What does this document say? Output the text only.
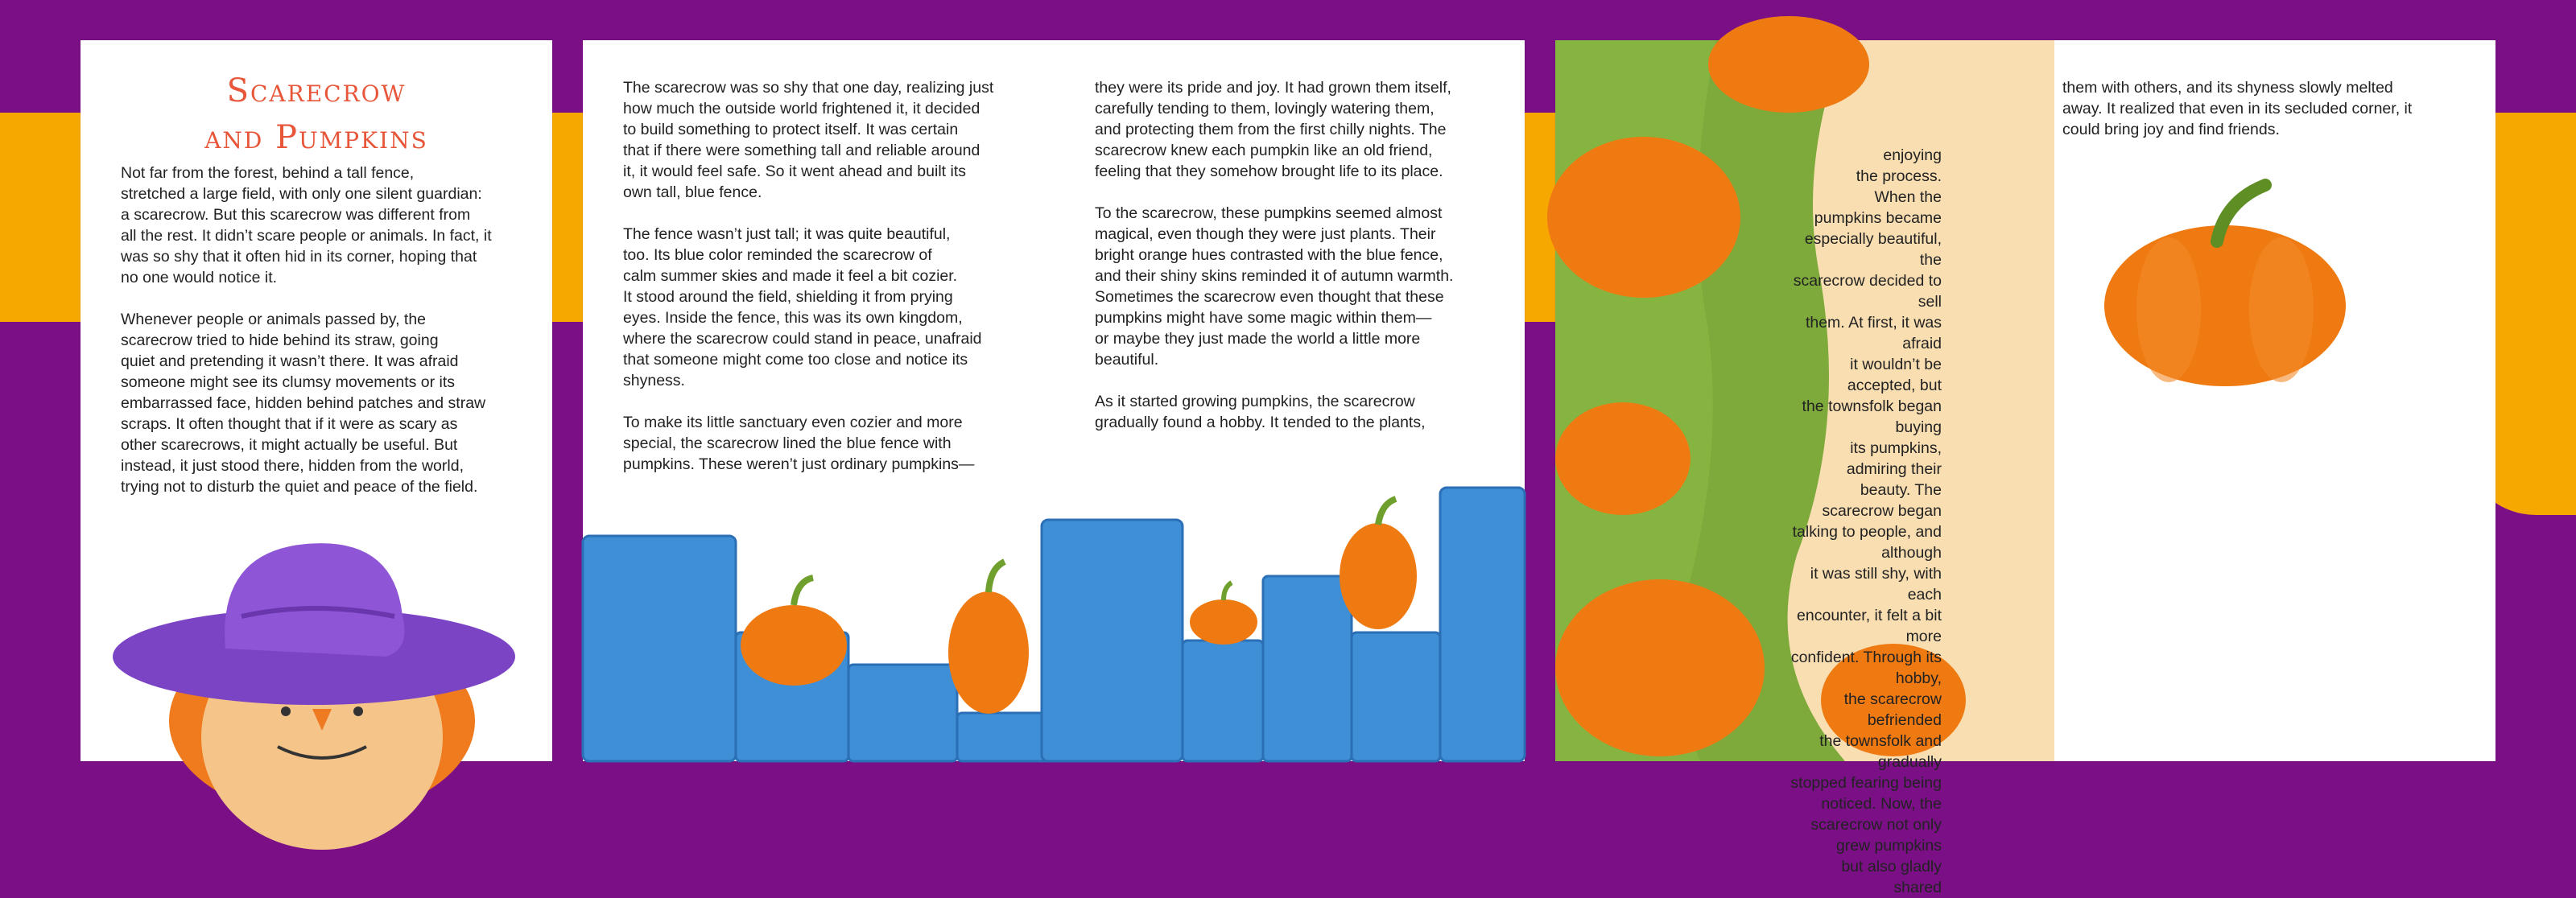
Scarecrow
and Pumpkins

Not far from the forest, behind a tall fence,
stretched a large field, with only one silent guardian:
a scarecrow. But this scarecrow was different from
all the rest. It didn’t scare people or animals. In fact, it
was so shy that it often hid in its corner, hoping that
no one would notice it.

Whenever people or animals passed by, the
scarecrow tried to hide behind its straw, going
quiet and pretending it wasn’t there. It was afraid
someone might see its clumsy movements or its
embarrassed face, hidden behind patches and straw
scraps. It often thought that if it were as scary as
other scarecrows, it might actually be useful. But
instead, it just stood there, hidden from the world,
trying not to disturb the quiet and peace of the field.

The scarecrow was so shy that one day, realizing just
how much the outside world frightened it, it decided
to build something to protect itself. It was certain
that if there were something tall and reliable around
it, it would feel safe. So it went ahead and built its
own tall, blue fence.

The fence wasn’t just tall; it was quite beautiful,
too. Its blue color reminded the scarecrow of
calm summer skies and made it feel a bit cozier.
It stood around the field, shielding it from prying
eyes. Inside the fence, this was its own kingdom,
where the scarecrow could stand in peace, unafraid
that someone might come too close and notice its
shyness.

To make its little sanctuary even cozier and more
special, the scarecrow lined the blue fence with
pumpkins. These weren’t just ordinary pumpkins—

they were its pride and joy. It had grown them itself,
carefully tending to them, lovingly watering them,
and protecting them from the first chilly nights. The
scarecrow knew each pumpkin like an old friend,
feeling that they somehow brought life to its place.

To the scarecrow, these pumpkins seemed almost
magical, even though they were just plants. Their
bright orange hues contrasted with the blue fence,
and their shiny skins reminded it of autumn warmth.
Sometimes the scarecrow even thought that these
pumpkins might have some magic within them—
or maybe they just made the world a little more
beautiful.

As it started growing pumpkins, the scarecrow
gradually found a hobby. It tended to the plants,

enjoying
the process.
When the
pumpkins became
especially beautiful, the
scarecrow decided to sell
them. At first, it was afraid
it wouldn’t be accepted, but
the townsfolk began buying
its pumpkins, admiring their
beauty. The scarecrow began
talking to people, and although
it was still shy, with each
encounter, it felt a bit more
confident. Through its hobby,
the scarecrow befriended
the townsfolk and gradually
stopped fearing being
noticed. Now, the
scarecrow not only
grew pumpkins
but also gladly
shared
them with others, and its shyness slowly melted
away. It realized that even in its secluded corner, it
could bring joy and find friends.
